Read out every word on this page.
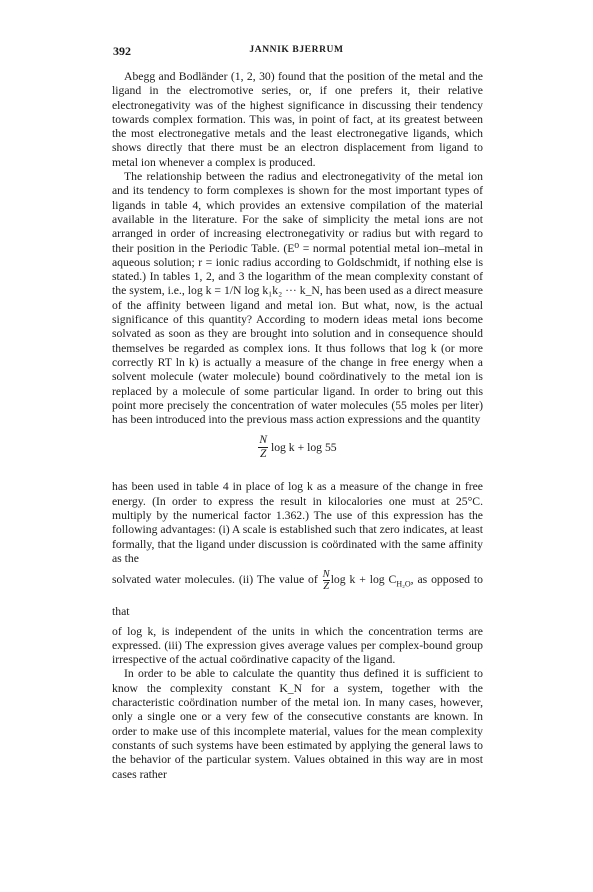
392	JANNIK BJERRUM

Abegg and Bodländer (1, 2, 30) found that the position of the metal and the ligand in the electromotive series, or, if one prefers it, their relative electronegativity was of the highest significance in discussing their tendency towards complex formation. This was, in point of fact, at its greatest between the most electronegative metals and the least electronegative ligands, which shows directly that there must be an electron displacement from ligand to metal ion whenever a complex is produced.

The relationship between the radius and electronegativity of the metal ion and its tendency to form complexes is shown for the most important types of ligands in table 4, which provides an extensive compilation of the material available in the literature. For the sake of simplicity the metal ions are not arranged in order of increasing electronegativity or radius but with regard to their position in the Periodic Table. (E⁰ = normal potential metal ion–metal in aqueous solution; r = ionic radius according to Goldschmidt, if nothing else is stated.) In tables 1, 2, and 3 the logarithm of the mean complexity constant of the system, i.e., log k = 1/N log k₁k₂ ··· k_N, has been used as a direct measure of the affinity between ligand and metal ion. But what, now, is the actual significance of this quantity? According to modern ideas metal ions become solvated as soon as they are brought into solution and in consequence should themselves be regarded as complex ions. It thus follows that log k (or more correctly RT ln k) is actually a measure of the change in free energy when a solvent molecule (water molecule) bound coördinatively to the metal ion is replaced by a molecule of some particular ligand. In order to bring out this point more precisely the concentration of water molecules (55 moles per liter) has been introduced into the previous mass action expressions and the quantity

$\frac{N}{Z}$ log k + log 55

has been used in table 4 in place of log k as a measure of the change in free energy. (In order to express the result in kilocalories one must at 25°C. multiply by the numerical factor 1.362.) The use of this expression has the following advantages: (i) A scale is established such that zero indicates, at least formally, that the ligand under discussion is coördinated with the same affinity as the

solvated water molecules. (ii) The value of $\frac{N}{Z}$ $\log k + \log C_{H_2O}$, as opposed to that

of log k, is independent of the units in which the concentration terms are expressed. (iii) The expression gives average values per complex-bound group irrespective of the actual coördinative capacity of the ligand.

In order to be able to calculate the quantity thus defined it is sufficient to know the complexity constant K_N for a system, together with the characteristic coördination number of the metal ion. In many cases, however, only a single one or a very few of the consecutive constants are known. In order to make use of this incomplete material, values for the mean complexity constants of such systems have been estimated by applying the general laws to the behavior of the particular system. Values obtained in this way are in most cases rather
